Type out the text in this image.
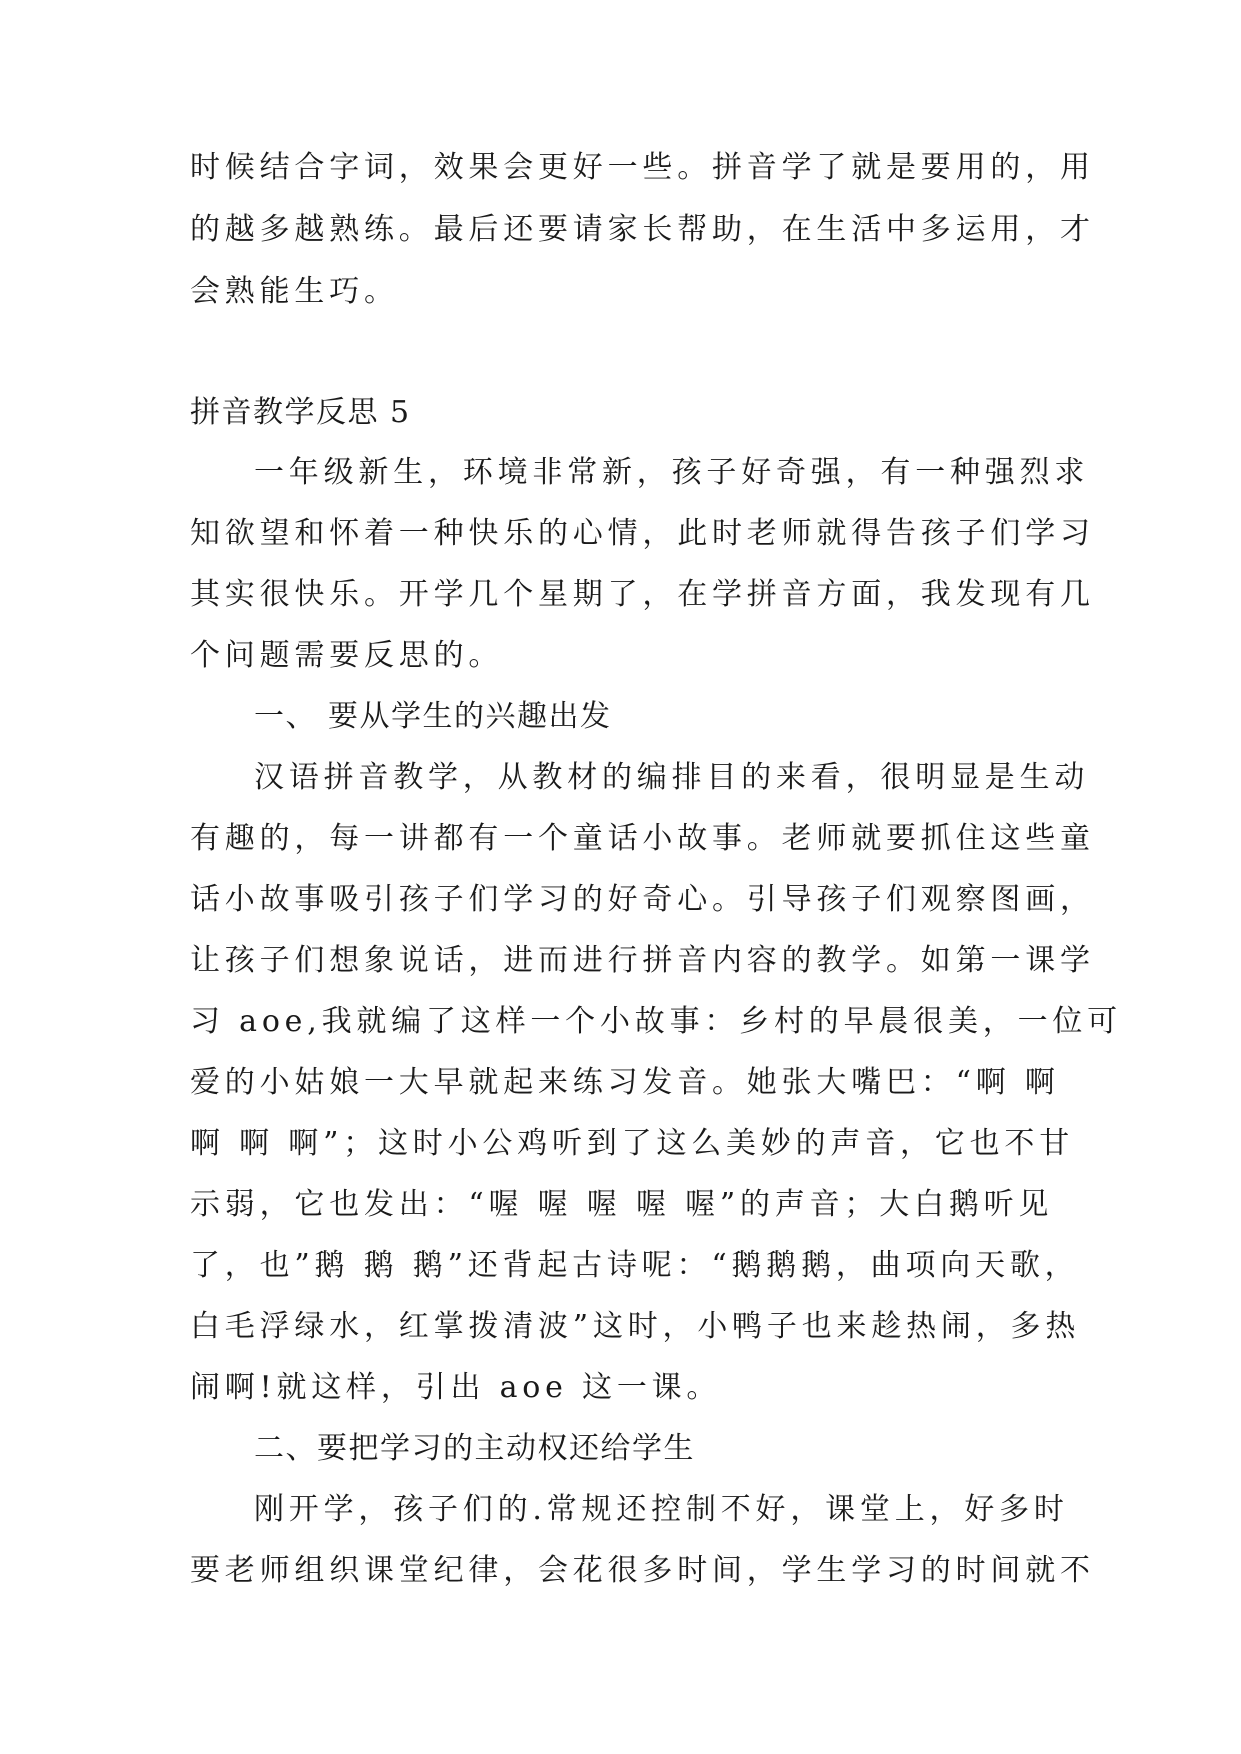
时候结合字词，效果会更好一些。拼音学了就是要用的，用
的越多越熟练。最后还要请家长帮助，在生活中多运用，才
会熟能生巧。
拼音教学反思 5
一年级新生，环境非常新，孩子好奇强，有一种强烈求
知欲望和怀着一种快乐的心情，此时老师就得告孩子们学习
其实很快乐。开学几个星期了，在学拼音方面，我发现有几
个问题需要反思的。
一、 要从学生的兴趣出发
汉语拼音教学，从教材的编排目的来看，很明显是生动
有趣的，每一讲都有一个童话小故事。老师就要抓住这些童
话小故事吸引孩子们学习的好奇心。引导孩子们观察图画，
让孩子们想象说话，进而进行拼音内容的教学。如第一课学
习 aoe,我就编了这样一个小故事：乡村的早晨很美，一位可
爱的小姑娘一大早就起来练习发音。她张大嘴巴：“啊 啊
啊 啊 啊”；这时小公鸡听到了这么美妙的声音，它也不甘
示弱，它也发出：“喔 喔 喔 喔 喔”的声音；大白鹅听见
了，也”鹅 鹅 鹅”还背起古诗呢：“鹅鹅鹅，曲项向天歌，
白毛浮绿水，红掌拨清波”这时，小鸭子也来趁热闹，多热
闹啊!就这样，引出 aoe 这一课。
二、要把学习的主动权还给学生
刚开学，孩子们的.常规还控制不好，课堂上，好多时
要老师组织课堂纪律，会花很多时间，学生学习的时间就不
